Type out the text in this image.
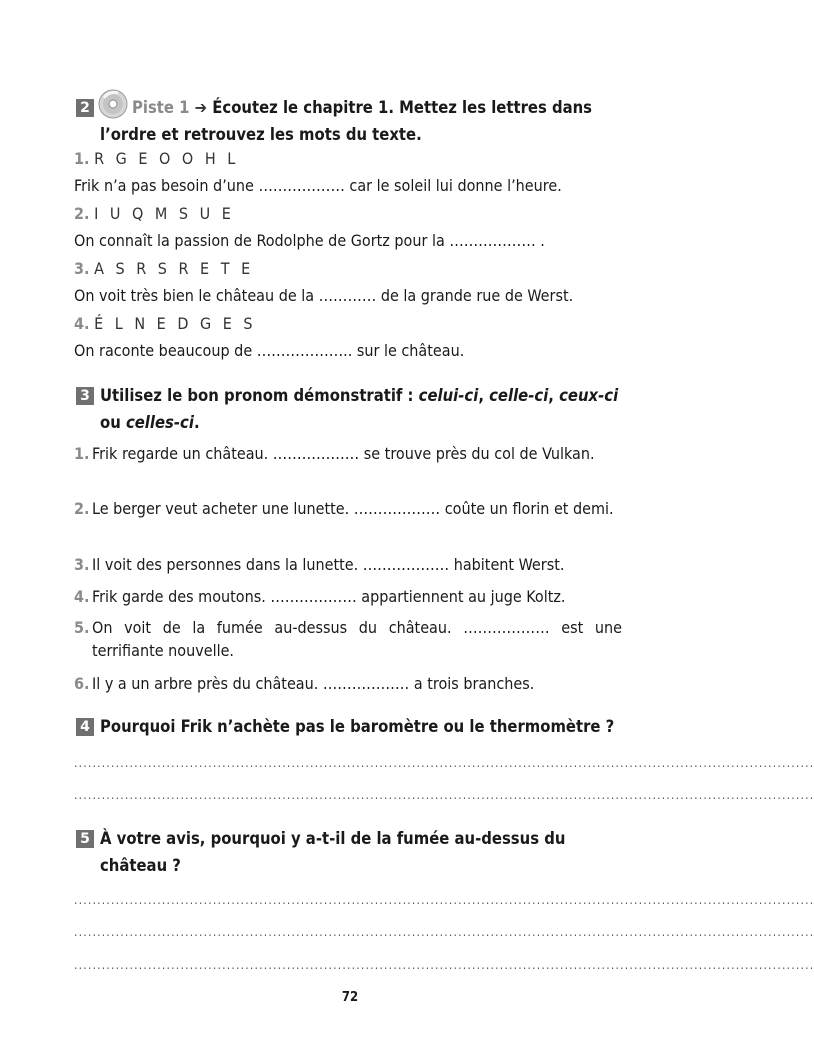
2	Piste 1 ➔ Écoutez le chapitre 1. Mettez les lettres dans
l’ordre et retrouvez les mots du texte.
1. R G E O O H L
Frik n’a pas besoin d’une ……………… car le soleil lui donne l’heure.
2. I U Q M S U E
On connaît la passion de Rodolphe de Gortz pour la ……………… .
3. A S R S R E T E
On voit très bien le château de la ………… de la grande rue de Werst.
4. É L N E D G E S
On raconte beaucoup de ……………….. sur le château.
3 Utilisez le bon pronom démonstratif : celui-ci, celle-ci, ceux-ci
ou celles-ci.
1. Frik regarde un château. ……………… se trouve près du col de Vulkan.
2. Le berger veut acheter une lunette. ……………… coûte un florin et demi.
3. Il voit des personnes dans la lunette. ……………… habitent Werst.
4. Frik garde des moutons. ……………… appartiennent au juge Koltz.
5. On voit de la fumée au-dessus du château. ……………… est une terrifiante nouvelle.
6. Il y a un arbre près du château. ……………… a trois branches.
4 Pourquoi Frik n’achète pas le baromètre ou le thermomètre ?
................................................................................................................................................................
................................................................................................................................................................
5 À votre avis, pourquoi y a-t-il de la fumée au-dessus du
château ?
................................................................................................................................................................
................................................................................................................................................................
................................................................................................................................................................
72
